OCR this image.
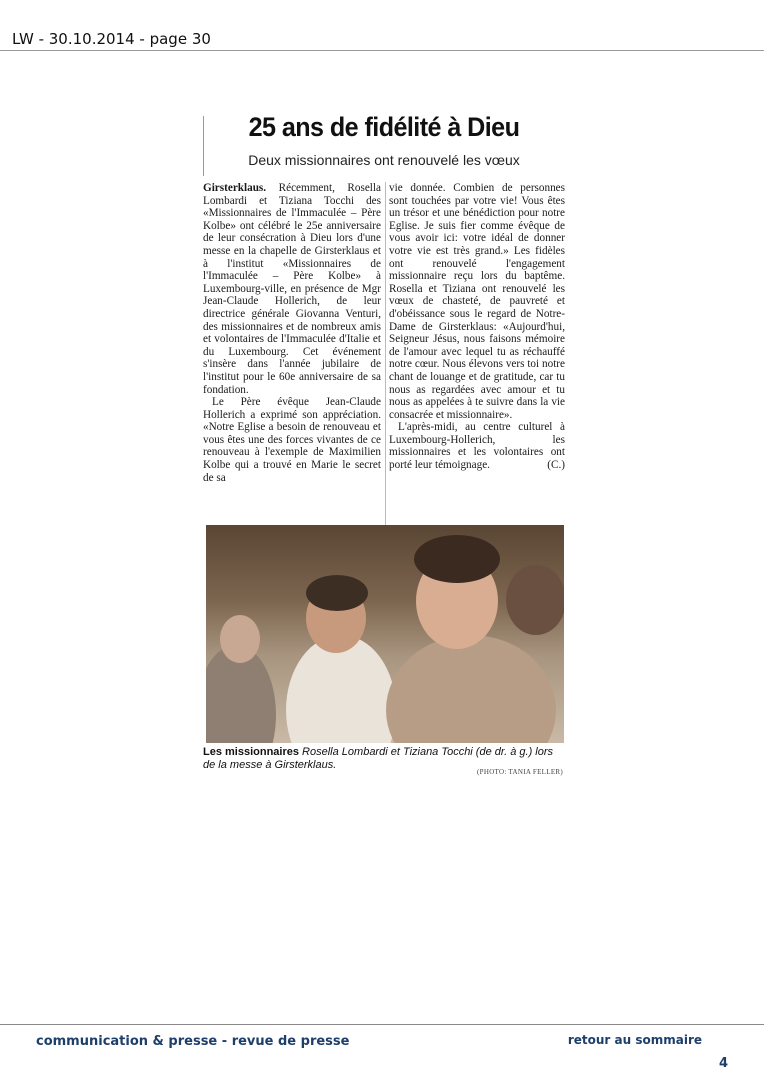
LW - 30.10.2014 - page 30
25 ans de fidélité à Dieu

Deux missionnaires ont renouvelé les vœux

Girsterklaus. Récemment, Rosella Lombardi et Tiziana Tocchi des «Missionnaires de l'Immaculée – Père Kolbe» ont célébré le 25e anniversaire de leur consécration à Dieu lors d'une messe en la chapelle de Girsterklaus et à l'institut «Missionnaires de l'Immaculée – Père Kolbe» à Luxembourg-ville, en présence de Mgr Jean-Claude Hollerich, de leur directrice générale Giovanna Venturi, des missionnaires et de nombreux amis et volontaires de l'Immaculée d'Italie et du Luxembourg. Cet événement s'insère dans l'année jubilaire de l'institut pour le 60e anniversaire de sa fondation.

Le Père évêque Jean-Claude Hollerich a exprimé son appréciation. «Notre Eglise a besoin de renouveau et vous êtes une des forces vivantes de ce renouveau à l'exemple de Maximilien Kolbe qui a trouvé en Marie le secret de sa

vie donnée. Combien de personnes sont touchées par votre vie! Vous êtes un trésor et une bénédiction pour notre Eglise. Je suis fier comme évêque de vous avoir ici: votre idéal de donner votre vie est très grand.» Les fidèles ont renouvelé l'engagement missionnaire reçu lors du baptême. Rosella et Tiziana ont renouvelé les vœux de chasteté, de pauvreté et d'obéissance sous le regard de Notre-Dame de Girsterklaus: «Aujourd'hui, Seigneur Jésus, nous faisons mémoire de l'amour avec lequel tu as réchauffé notre cœur. Nous élevons vers toi notre chant de louange et de gratitude, car tu nous as regardées avec amour et tu nous as appelées à te suivre dans la vie consacrée et missionnaire».

L'après-midi, au centre culturel à Luxembourg-Hollerich, les missionnaires et les volontaires ont porté leur témoignage.	(C.)

Les missionnaires Rosella Lombardi et Tiziana Tocchi (de dr. à g.) lors de la messe à Girsterklaus.
(PHOTO: TANIA FELLER)
communication & presse - revue de presse	retour au sommaire
4
